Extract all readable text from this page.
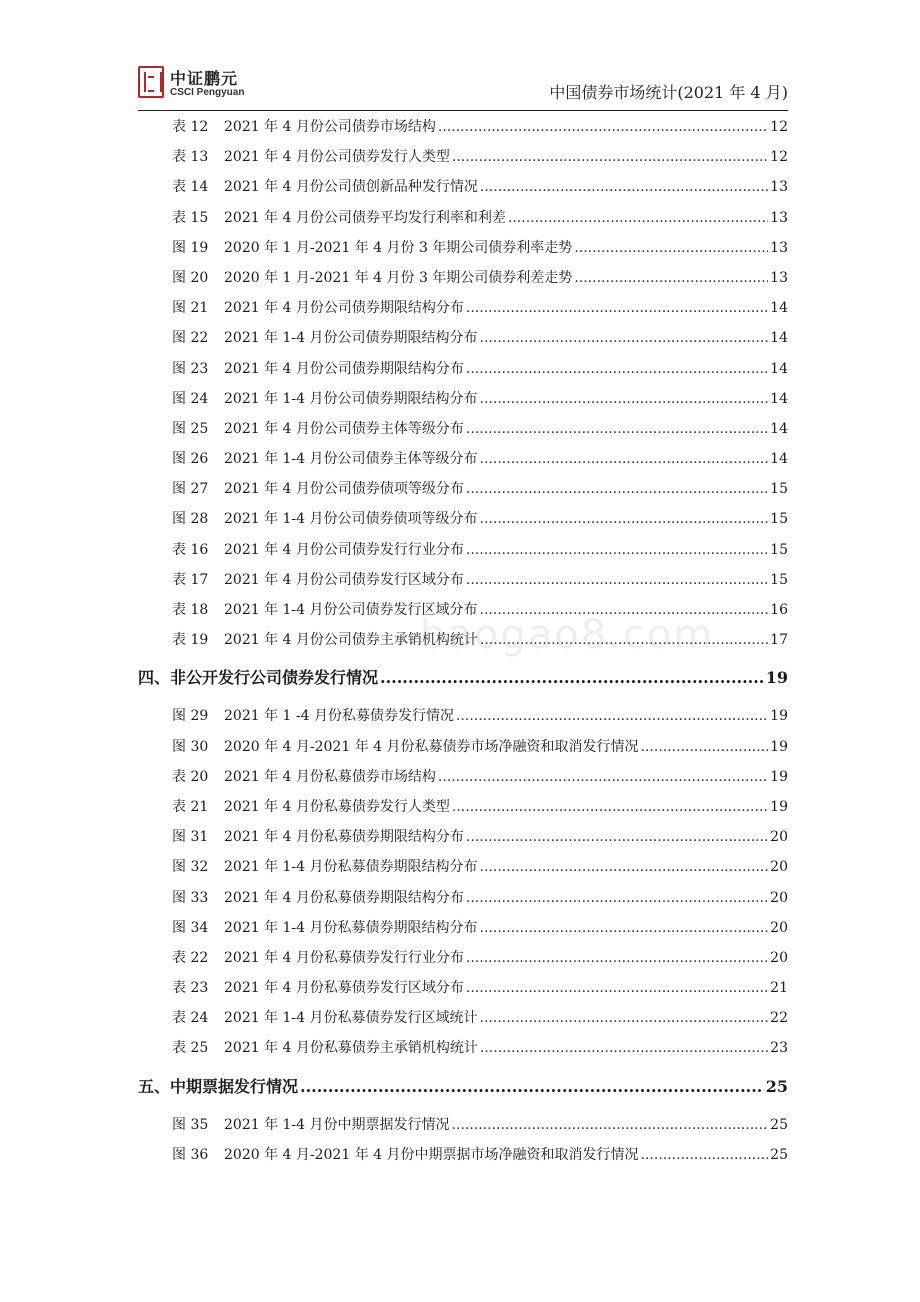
中证鹏元
CSCI Pengyuan	中国债券市场统计(2021 年 4 月)
表 12	2021 年 4 月份公司债券市场结构 .....	12
表 13	2021 年 4 月份公司债券发行人类型 .....	12
表 14	2021 年 4 月份公司债创新品种发行情况 .....	13
表 15	2021 年 4 月份公司债券平均发行利率和利差 .....	13
图 19	2020 年 1 月-2021 年 4 月份 3 年期公司债券利率走势 .....	13
图 20	2020 年 1 月-2021 年 4 月份 3 年期公司债券利差走势 .....	13
图 21	2021 年 4 月份公司债券期限结构分布 .....	14
图 22	2021 年 1-4 月份公司债券期限结构分布 .....	14
图 23	2021 年 4 月份公司债券期限结构分布 .....	14
图 24	2021 年 1-4 月份公司债券期限结构分布 .....	14
图 25	2021 年 4 月份公司债券主体等级分布 .....	14
图 26	2021 年 1-4 月份公司债券主体等级分布 .....	14
图 27	2021 年 4 月份公司债券债项等级分布 .....	15
图 28	2021 年 1-4 月份公司债券债项等级分布 .....	15
表 16	2021 年 4 月份公司债券发行行业分布 .....	15
表 17	2021 年 4 月份公司债券发行区域分布 .....	15
表 18	2021 年 1-4 月份公司债券发行区域分布 .....	16
表 19	2021 年 4 月份公司债券主承销机构统计 .....	17
四、非公开发行公司债券发行情况 .....	19
图 29	2021 年 1 -4 月份私募债券发行情况 .....	19
图 30	2020 年 4 月-2021 年 4 月份私募债券市场净融资和取消发行情况 .....	19
表 20	2021 年 4 月份私募债券市场结构 .....	19
表 21	2021 年 4 月份私募债券发行人类型 .....	19
图 31	2021 年 4 月份私募债券期限结构分布 .....	20
图 32	2021 年 1-4 月份私募债券期限结构分布 .....	20
图 33	2021 年 4 月份私募债券期限结构分布 .....	20
图 34	2021 年 1-4 月份私募债券期限结构分布 .....	20
表 22	2021 年 4 月份私募债券发行行业分布 .....	20
表 23	2021 年 4 月份私募债券发行区域分布 .....	21
表 24	2021 年 1-4 月份私募债券发行区域统计 .....	22
表 25	2021 年 4 月份私募债券主承销机构统计 .....	23
五、中期票据发行情况 .....	25
图 35	2021 年 1-4 月份中期票据发行情况 .....	25
图 36	2020 年 4 月-2021 年 4 月份中期票据市场净融资和取消发行情况 .....	25
baogao8.com
